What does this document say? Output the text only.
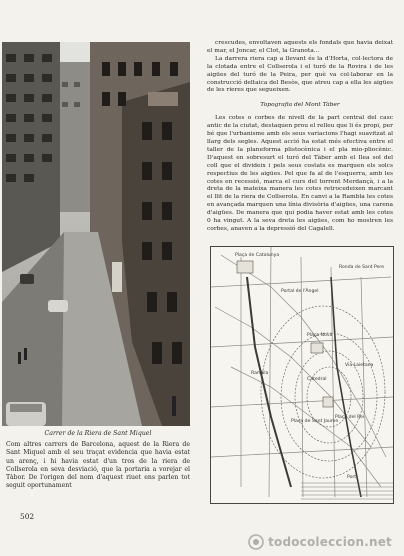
Carrer de la Riera de Sant Miquel
Com altres carrers de Barcelona, aquest de la Riera de Sant Miquel amb el seu traçat evidencia que havia estat un arenç, i hi havia estat d'un tros de la riera de Collserola en seva desviació, que la portaria a vorejar el Tàbor. De l'origen del nom d'aquest riuet ens parlen tot seguit oportunament

crescudes, envoltaven aquests els fondals que havia deixat el mar, el Joncar, el Clot, la Granota...

La darrera riera cap a llevant és la d'Horta, col·lectora de la clotada entre el Collserola i el turó de la Rovira i de les aigües del turó de la Peira, per què va col·laborar en la construcció deltaica del Besòs, que atreu cap a ella les aigües de les rieres que segueixen.

Topografia del Mont Tàber

Les cotes o corbes de nivell de la part central del casc antic de la ciutat, destaquen prou el relleu que li és propi, per bé que l'urbanisme amb els seus variacions l'hagi suavitzat al llarg dels segles. Aquest acció ha estat més efectiva entre el taller de la planeforma plistocènica i el pla mio-pliocènic. D'aquest en sobresurt el turó del Tàber amb el Ilea sol del coll que el divideix i pels seus costats es marquen els solcs respectius de les aigües. Pel que fa al de l'esquerra, amb les cotes en recessió, marca el curs del torrent Merdançà, i a la dreta de la mateixa manera les cotes retrocedeixen marcant el llit de la riera de Collserola. En canvi a la Rambla les cotes en avançada marquen una línia divisòria d'aigües, una carena d'aigües. De manera que qui podia haver estat amb les cotes 0 ha vingut. A la seva dreta les aigües, com ho mostren les corbes, anaven a la depressió del Cagalell.

Plaça de Catalunya
Portal de l'Àngel
Plaça Nova
Ronda de Sant Pere
Via Laietana
Catedral
Plaça del Rei
Rambla
Plaça de Sant Jaume
Port
502
todocoleccion.net
